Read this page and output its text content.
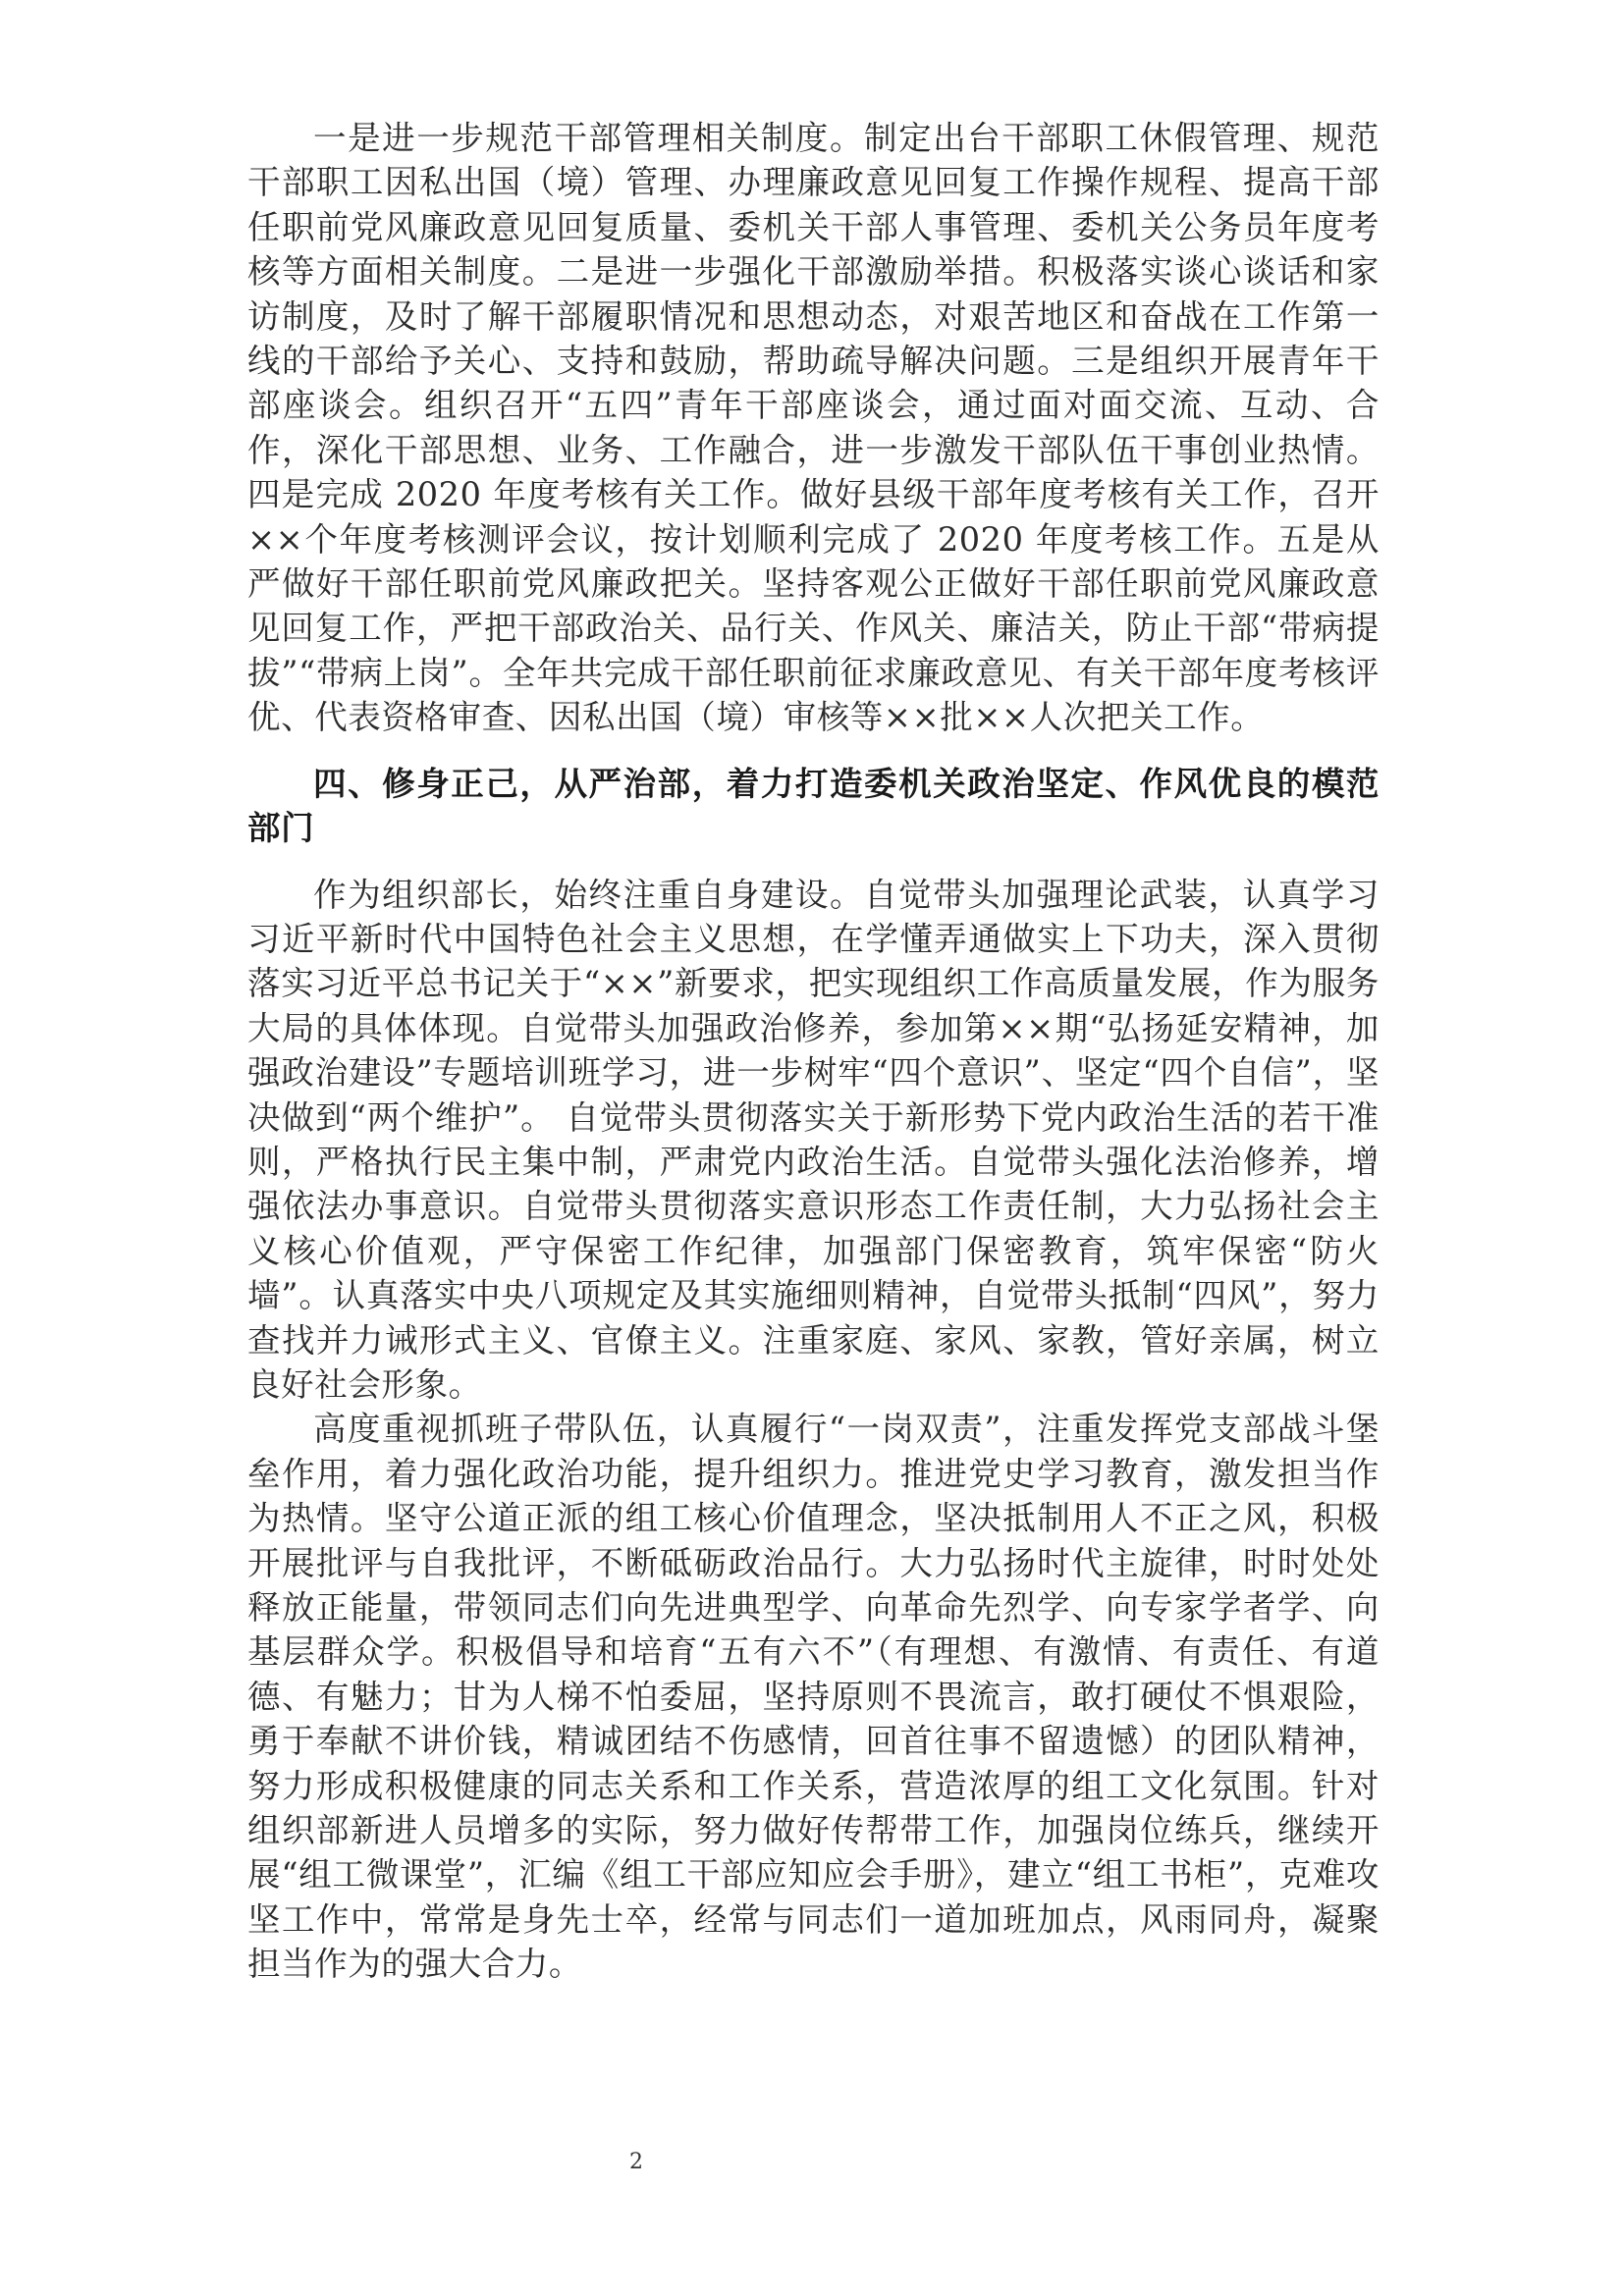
一是进一步规范干部管理相关制度。制定出台干部职工休假管理、规范干部职工因私出国（境）管理、办理廉政意见回复工作操作规程、提高干部任职前党风廉政意见回复质量、委机关干部人事管理、委机关公务员年度考核等方面相关制度。二是进一步强化干部激励举措。积极落实谈心谈话和家访制度，及时了解干部履职情况和思想动态，对艰苦地区和奋战在工作第一线的干部给予关心、支持和鼓励，帮助疏导解决问题。三是组织开展青年干部座谈会。组织召开“五四”青年干部座谈会，通过面对面交流、互动、合作，深化干部思想、业务、工作融合，进一步激发干部队伍干事创业热情。四是完成 2020 年度考核有关工作。做好县级干部年度考核有关工作，召开××个年度考核测评会议，按计划顺利完成了 2020 年度考核工作。五是从严做好干部任职前党风廉政把关。坚持客观公正做好干部任职前党风廉政意见回复工作，严把干部政治关、品行关、作风关、廉洁关，防止干部“带病提拔”“带病上岗”。全年共完成干部任职前征求廉政意见、有关干部年度考核评优、代表资格审查、因私出国（境）审核等××批××人次把关工作。

四、修身正己，从严治部，着力打造委机关政治坚定、作风优良的模范部门

作为组织部长，始终注重自身建设。自觉带头加强理论武装，认真学习习近平新时代中国特色社会主义思想，在学懂弄通做实上下功夫，深入贯彻落实习近平总书记关于“××”新要求，把实现组织工作高质量发展，作为服务大局的具体体现。自觉带头加强政治修养，参加第××期“弘扬延安精神，加强政治建设”专题培训班学习，进一步树牢“四个意识”、坚定“四个自信”，坚决做到“两个维护”。 自觉带头贯彻落实关于新形势下党内政治生活的若干准则，严格执行民主集中制，严肃党内政治生活。自觉带头强化法治修养，增强依法办事意识。自觉带头贯彻落实意识形态工作责任制，大力弘扬社会主义核心价值观，严守保密工作纪律，加强部门保密教育，筑牢保密“防火墙”。认真落实中央八项规定及其实施细则精神，自觉带头抵制“四风”，努力查找并力诫形式主义、官僚主义。注重家庭、家风、家教，管好亲属，树立良好社会形象。

高度重视抓班子带队伍，认真履行“一岗双责”，注重发挥党支部战斗堡垒作用，着力强化政治功能，提升组织力。推进党史学习教育，激发担当作为热情。坚守公道正派的组工核心价值理念，坚决抵制用人不正之风，积极开展批评与自我批评，不断砥砺政治品行。大力弘扬时代主旋律，时时处处释放正能量，带领同志们向先进典型学、向革命先烈学、向专家学者学、向基层群众学。积极倡导和培育“五有六不”（有理想、有激情、有责任、有道德、有魅力；甘为人梯不怕委屈，坚持原则不畏流言，敢打硬仗不惧艰险，勇于奉献不讲价钱，精诚团结不伤感情，回首往事不留遗憾）的团队精神，努力形成积极健康的同志关系和工作关系，营造浓厚的组工文化氛围。针对组织部新进人员增多的实际，努力做好传帮带工作，加强岗位练兵，继续开展“组工微课堂”，汇编《组工干部应知应会手册》，建立“组工书柜”，克难攻坚工作中，常常是身先士卒，经常与同志们一道加班加点，风雨同舟，凝聚担当作为的强大合力。

2
